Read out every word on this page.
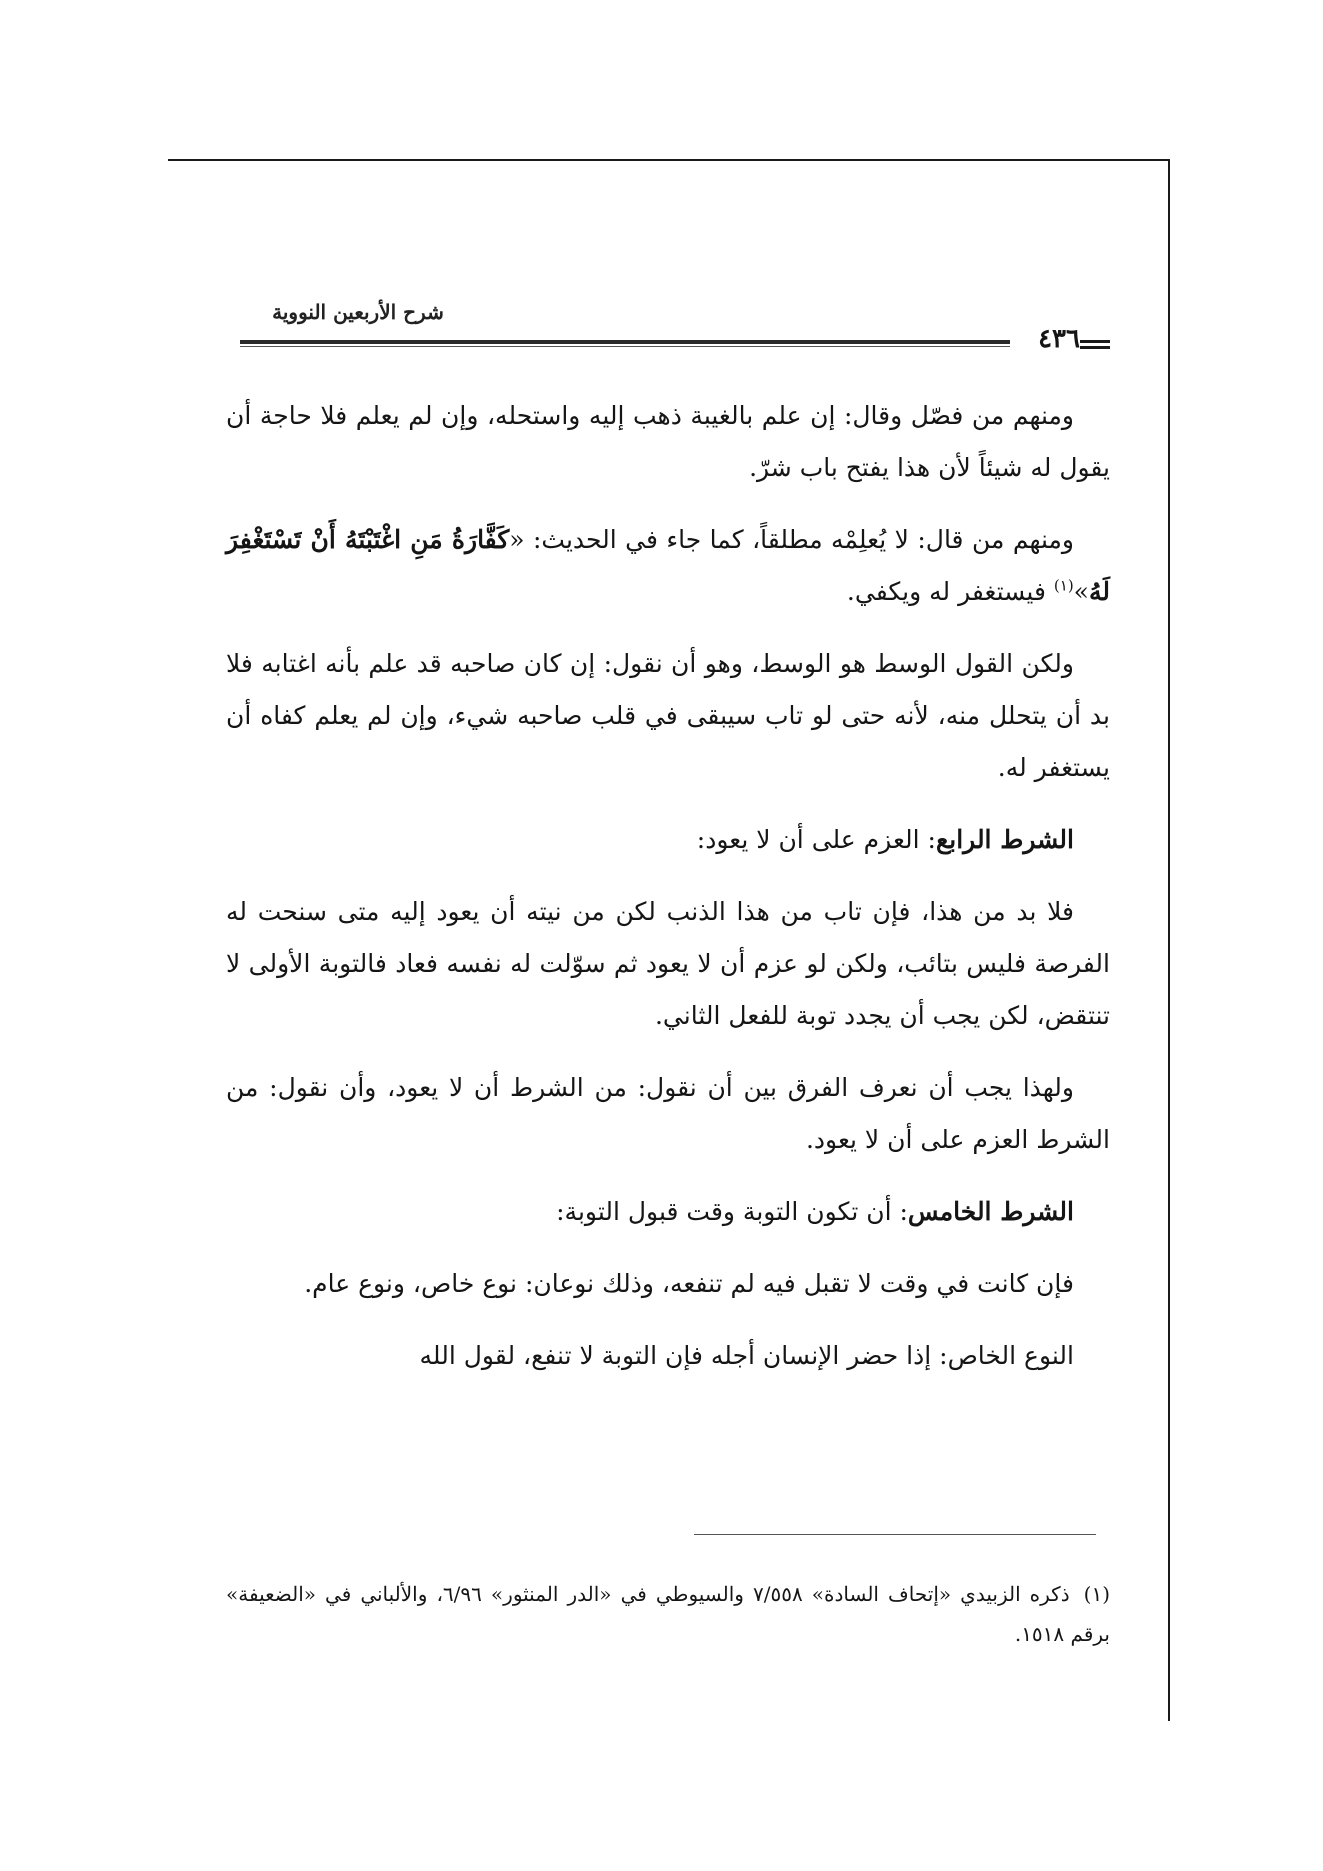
شرح الأربعين النووية
٤٣٦

ومنهم من فصّل وقال: إن علم بالغيبة ذهب إليه واستحله، وإن لم يعلم فلا حاجة أن يقول له شيئاً لأن هذا يفتح باب شرّ.

ومنهم من قال: لا يُعلِمْه مطلقاً، كما جاء في الحديث: «كَفَّارَةُ مَنِ اغْتَبْتَهُ أَنْ تَسْتَغْفِرَ لَهُ»$^{(١)}$ فيستغفر له ويكفي.

ولكن القول الوسط هو الوسط، وهو أن نقول: إن كان صاحبه قد علم بأنه اغتابه فلا بد أن يتحلل منه، لأنه حتى لو تاب سيبقى في قلب صاحبه شيء، وإن لم يعلم كفاه أن يستغفر له.

الشرط الرابع: العزم على أن لا يعود:

فلا بد من هذا، فإن تاب من هذا الذنب لكن من نيته أن يعود إليه متى سنحت له الفرصة فليس بتائب، ولكن لو عزم أن لا يعود ثم سوّلت له نفسه فعاد فالتوبة الأولى لا تنتقض، لكن يجب أن يجدد توبة للفعل الثاني.

ولهذا يجب أن نعرف الفرق بين أن نقول: من الشرط أن لا يعود، وأن نقول: من الشرط العزم على أن لا يعود.

الشرط الخامس: أن تكون التوبة وقت قبول التوبة:

فإن كانت في وقت لا تقبل فيه لم تنفعه، وذلك نوعان: نوع خاص، ونوع عام.

النوع الخاص: إذا حضر الإنسان أجله فإن التوبة لا تنفع، لقول الله

(١)ذكره الزبيدي «إتحاف السادة» ٧/٥٥٨ والسيوطي في «الدر المنثور» ٦/٩٦، والألباني في «الضعيفة» برقم ١٥١٨.
